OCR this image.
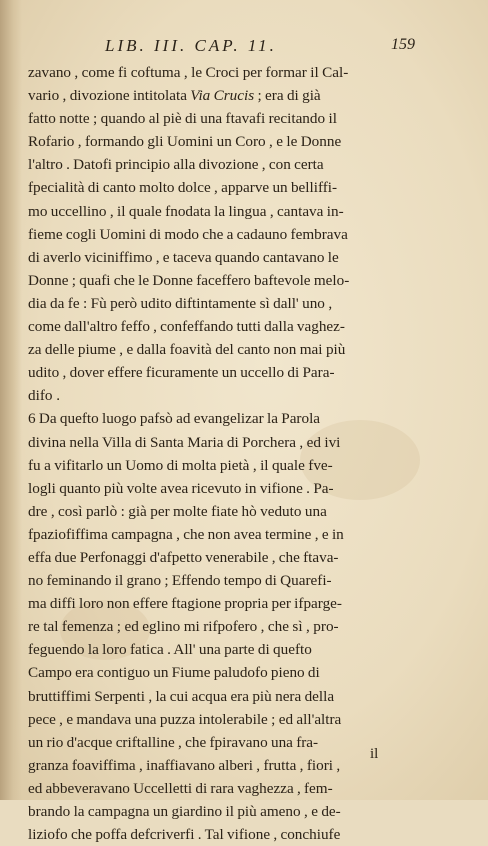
LIB. III. CAP. 11.	159
zavano , come fi coftuma , le Croci per formar il Cal-
vario , divozione intitolata Via Crucis ; era di già
fatto notte ; quando al piè di una ftavafi recitando il
Rofario , formando gli Uomini un Coro , e le Donne
l'altro . Datofi principio alla divozione , con certa
fpecialità di canto molto dolce , apparve un belliffi-
mo uccellino , il quale fnodata la lingua , cantava in-
fieme cogli Uomini di modo che a cadauno fembrava
di averlo viciniffimo , e taceva quando cantavano le
Donne ; quafi che le Donne faceffero baftevole melo-
dia da fe : Fù però udito diftintamente sì dall' uno ,
come dall'altro feffo , confeffando tutti dalla vaghez-
za delle piume , e dalla foavità del canto non mai più
udito , dover effere ficuramente un uccello di Para-
difo .
6 Da quefto luogo pafsò ad evangelizar la Parola
divina nella Villa di Santa Maria di Porchera , ed ivi
fu a vifitarlo un Uomo di molta pietà , il quale fve-
logli quanto più volte avea ricevuto in vifione . Pa-
dre , così parlò : già per molte fiate hò veduto una
fpaziofiffima campagna , che non avea termine , e in
effa due Perfonaggi d'afpetto venerabile , che ftava-
no feminando il grano ; Effendo tempo di Quarefi-
ma diffi loro non effere ftagione propria per ifparge-
re tal femenza ; ed eglino mi rifpofero , che sì , pro-
feguendo la loro fatica . All' una parte di quefto
Campo era contiguo un Fiume paludofo pieno di
bruttiffimi Serpenti , la cui acqua era più nera della
pece , e mandava una puzza intolerabile ; ed all'altra
un rio d'acque criftalline , che fpiravano una fra-
granza foaviffima , inaffiavano alberi , frutta , fiori ,
ed abbeveravano Uccelletti di rara vaghezza , fem-
brando la campagna un giardino il più ameno , e de-
liziofo che poffa defcriverfi . Tal vifione , conchiufe
il
